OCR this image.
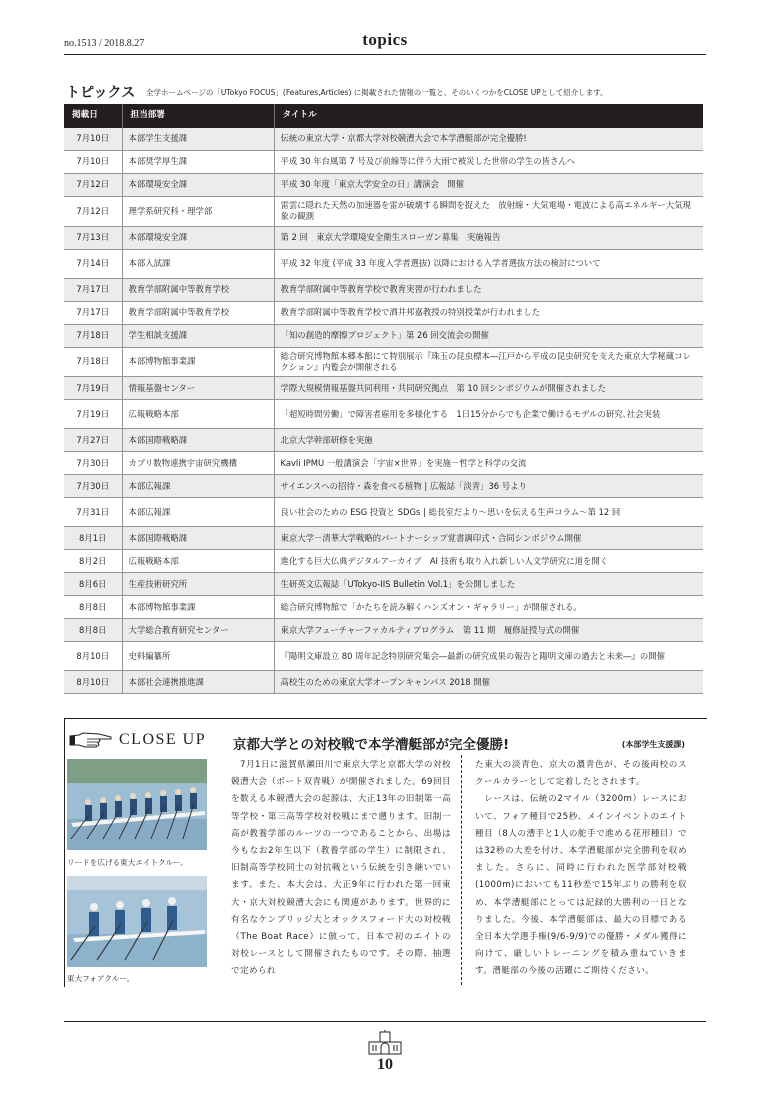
no.1513 / 2018.8.27	topics
トピックス 全学ホームページの「UTokyo FOCUS」(Features,Articles) に掲載された情報の一覧と、そのいくつかをCLOSE UPとして紹介します。
掲載日	担当部署	タイトル
7月10日	本部学生支援課	伝統の東京大学・京都大学対校競漕大会で本学漕艇部が完全優勝!
7月10日	本部奨学厚生課	平成 30 年台風第 7 号及び前線等に伴う大雨で被災した世帯の学生の皆さんへ
7月12日	本部環境安全課	平成 30 年度「東京大学安全の日」講演会　開催
7月12日	理学系研究科・理学部	雷雲に隠れた天然の加速器を雷が破壊する瞬間を捉えた　放射線・大気電場・電波による高エネルギー大気現象の観測
7月13日	本部環境安全課	第 2 回　東京大学環境安全衛生スローガン募集　実施報告
7月14日	本部入試課	平成 32 年度 (平成 33 年度入学者選抜) 以降における入学者選抜方法の検討について
7月17日	教育学部附属中等教育学校	教育学部附属中等教育学校で教育実習が行われました
7月17日	教育学部附属中等教育学校	教育学部附属中等教育学校で酒井邦嘉教授の特別授業が行われました
7月18日	学生相談支援課	「知の創造的摩擦プロジェクト」第 26 回交流会の開催
7月18日	本部博物館事業課	総合研究博物館本郷本館にて特別展示『珠玉の昆虫標本―江戸から平成の昆虫研究を支えた東京大学秘蔵コレクション』内覧会が開催される
7月19日	情報基盤センター	学際大規模情報基盤共同利用・共同研究拠点　第 10 回シンポジウムが開催されました
7月19日	広報戦略本部	「超短時間労働」で障害者雇用を多様化する　1日15分からでも企業で働けるモデルの研究､社会実装
7月27日	本部国際戦略課	北京大学幹部研修を実施
7月30日	カブリ数物連携宇宙研究機構	Kavli IPMU 一般講演会「宇宙×世界」を実施－哲学と科学の交流
7月30日	本部広報課	サイエンスへの招待・森を食べる植物 | 広報誌「淡青」36 号より
7月31日	本部広報課	良い社会のための ESG 投資と SDGs | 総長室だより～思いを伝える生声コラム～第 12 回
8月1日	本部国際戦略課	東京大学－清華大学戦略的パートナーシップ覚書調印式・合同シンポジウム開催
8月2日	広報戦略本部	進化する巨大仏典デジタルアーカイブ　AI 技術も取り入れ新しい人文学研究に道を開く
8月6日	生産技術研究所	生研英文広報誌「UTokyo-IIS Bulletin Vol.1」を公開しました
8月8日	本部博物館事業課	総合研究博物館で「かたちを読み解くハンズオン・ギャラリー」が開催される。
8月8日	大学総合教育研究センター	東京大学フューチャーファカルティプログラム　第 11 期　履修証授与式の開催
8月10日	史料編纂所	『陽明文庫設立 80 周年記念特別研究集会―最新の研究成果の報告と陽明文庫の過去と未来―』の開催
8月10日	本部社会連携推進課	高校生のための東京大学オープンキャンパス 2018 開催
CLOSE UP 京都大学との対校戦で本学漕艇部が完全優勝!	(本部学生支援課)
リードを広げる東大エイトクルー。
東大フォアクルー。
　7月1日に滋賀県瀬田川で東京大学と京都大学の対校競漕大会（ボート双青戦）が開催されました。69回目を数える本競漕大会の起源は、大正13年の旧制第一高等学校・第三高等学校対校戦にまで遡ります。旧制一高が教養学部のルーツの一つであることから、出場は今もなお2年生以下（教養学部の学生）に制限され、旧制高等学校同士の対抗戦という伝統を引き継いでいます。また、本大会は、大正9年に行われた第一回東大・京大対校競漕大会にも関連があります。世界的に有名なケンブリッジ大とオックスフォード大の対校戦（The Boat Race）に倣って、日本で初のエイトの対校レースとして開催されたものです。その際、抽選で定められ
た東大の淡青色、京大の濃青色が、その後両校のスクールカラーとして定着したとされます。
　レースは、伝統の2マイル（3200m）レースにおいて、フォア種目で25秒、メインイベントのエイト種目（8人の漕手と1人の舵手で進める花形種目）では32秒の大差を付け、本学漕艇部が完全勝利を収めました。さらに、同時に行われた医学部対校戦(1000m)においても11秒差で15年ぶりの勝利を収め、本学漕艇部にとっては記録的大勝利の一日となりました。今後、本学漕艇部は、最大の目標である全日本大学選手権(9/6-9/9)での優勝・メダル獲得に向けて、厳しいトレーニングを積み重ねていきます。漕艇部の今後の活躍にご期待ください。
10
